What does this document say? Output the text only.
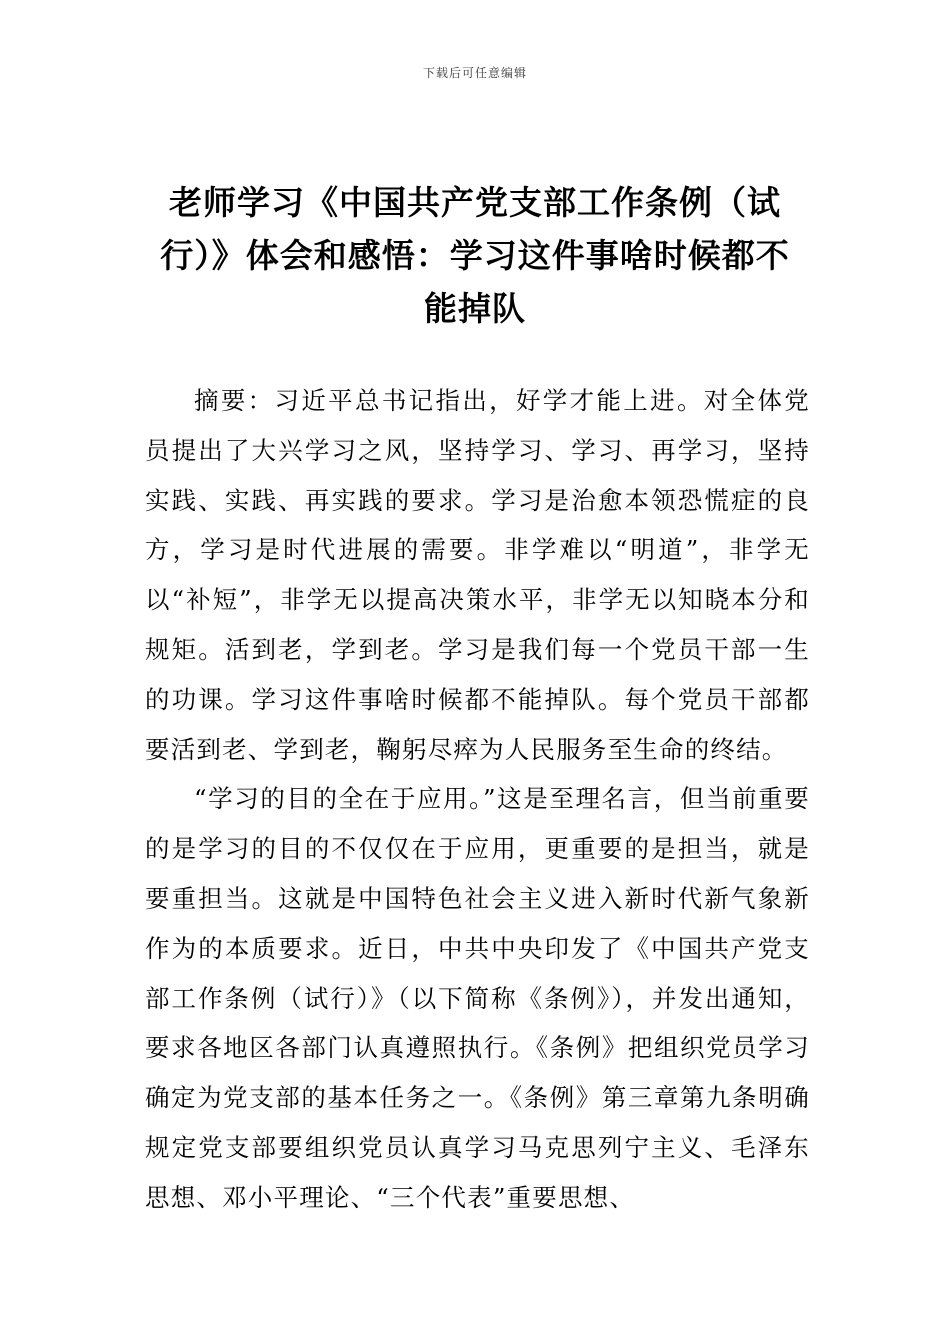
下载后可任意编辑
老师学习《中国共产党支部工作条例（试行）》体会和感悟：学习这件事啥时候都不能掉队

摘要：习近平总书记指出，好学才能上进。对全体党员提出了大兴学习之风，坚持学习、学习、再学习，坚持实践、实践、再实践的要求。学习是治愈本领恐慌症的良方，学习是时代进展的需要。非学难以“明道”，非学无以“补短”，非学无以提高决策水平，非学无以知晓本分和规矩。活到老，学到老。学习是我们每一个党员干部一生的功课。学习这件事啥时候都不能掉队。每个党员干部都要活到老、学到老，鞠躬尽瘁为人民服务至生命的终结。

“学习的目的全在于应用。”这是至理名言，但当前重要的是学习的目的不仅仅在于应用，更重要的是担当，就是要重担当。这就是中国特色社会主义进入新时代新气象新作为的本质要求。近日，中共中央印发了《中国共产党支部工作条例（试行）》（以下简称《条例》），并发出通知，要求各地区各部门认真遵照执行。《条例》把组织党员学习确定为党支部的基本任务之一。《条例》第三章第九条明确规定党支部要组织党员认真学习马克思列宁主义、毛泽东思想、邓小平理论、“三个代表”重要思想、
